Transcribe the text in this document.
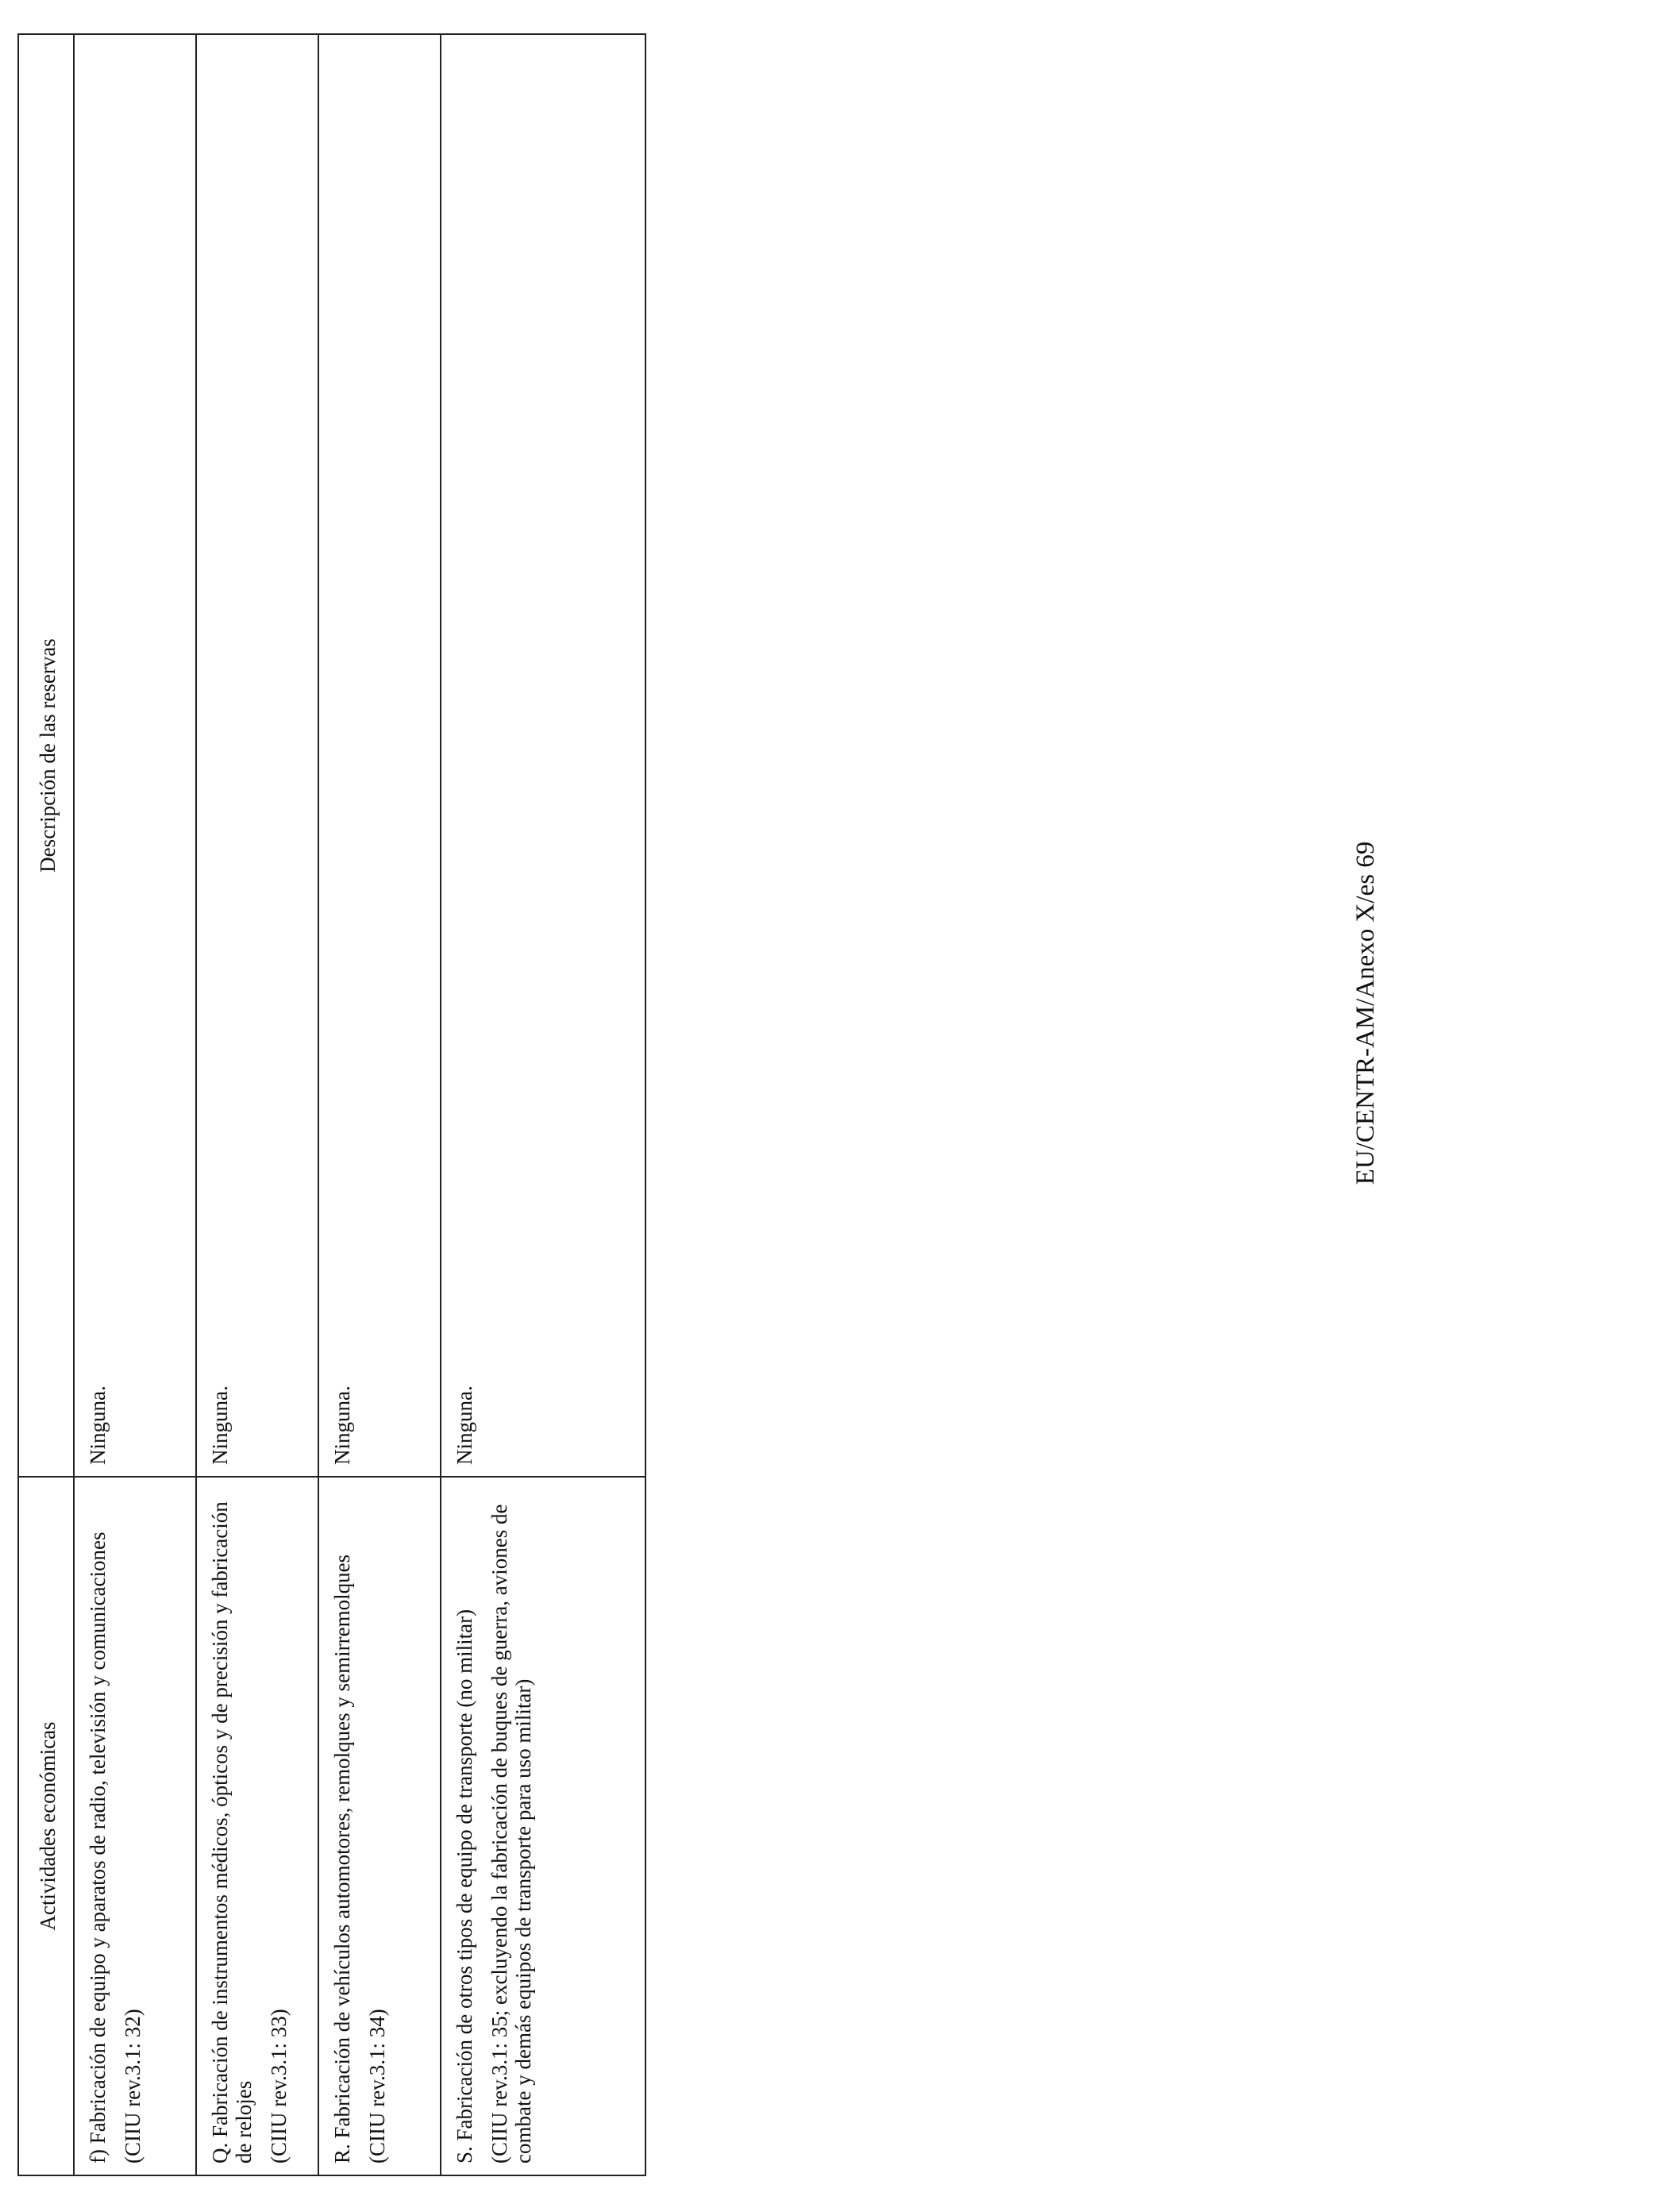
Actividades económicas	Descripción de las reservas

f) Fabricación de equipo y aparatos de radio, televisión y comunicaciones (CIIU rev.3.1: 32)	Ninguna.

Q. Fabricación de instrumentos médicos, ópticos y de precisión y fabricación de relojes (CIIU rev.3.1: 33)	Ninguna.

R. Fabricación de vehículos automotores, remolques y semirremolques (CIIU rev.3.1: 34)	Ninguna.

S. Fabricación de otros tipos de equipo de transporte (no militar) (CIIU rev.3.1: 35; excluyendo la fabricación de buques de guerra, aviones de combate y demás equipos de transporte para uso militar)	Ninguna.
EU/CENTR-AM/Anexo X/es 69
